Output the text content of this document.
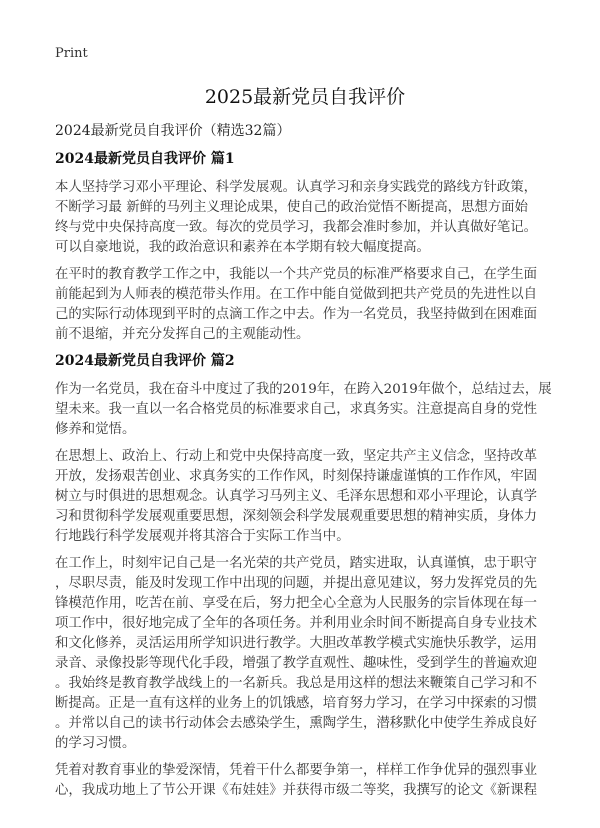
Print
2025最新党员自我评价
2024最新党员自我评价（精选32篇）
2024最新党员自我评价 篇1
本人坚持学习邓小平理论、科学发展观。认真学习和亲身实践党的路线方针政策，
不断学习最 新鲜的马列主义理论成果，使自己的政治觉悟不断提高，思想方面始
终与党中央保持高度一致。每次的党员学习，我都会准时参加，并认真做好笔记。
可以自豪地说，我的政治意识和素养在本学期有较大幅度提高。
在平时的教育教学工作之中，我能以一个共产党员的标准严格要求自己，在学生面
前能起到为人师表的模范带头作用。在工作中能自觉做到把共产党员的先进性以自
己的实际行动体现到平时的点滴工作之中去。作为一名党员，我坚持做到在困难面
前不退缩，并充分发挥自己的主观能动性。
2024最新党员自我评价 篇2
作为一名党员，我在奋斗中度过了我的2019年，在跨入2019年做个，总结过去，展
望未来。我一直以一名合格党员的标准要求自己，求真务实。注意提高自身的党性
修养和觉悟。
在思想上、政治上、行动上和党中央保持高度一致，坚定共产主义信念，坚持改革
开放，发扬艰苦创业、求真务实的工作作风，时刻保持谦虚谨慎的工作作风，牢固
树立与时俱进的思想观念。认真学习马列主义、毛泽东思想和邓小平理论，认真学
习和贯彻科学发展观重要思想，深刻领会科学发展观重要思想的精神实质，身体力
行地践行科学发展观并将其溶合于实际工作当中。
在工作上，时刻牢记自己是一名光荣的共产党员，踏实进取，认真谨慎，忠于职守
，尽职尽责，能及时发现工作中出现的问题，并提出意见建议，努力发挥党员的先
锋模范作用，吃苦在前、享受在后，努力把全心全意为人民服务的宗旨体现在每一
项工作中，很好地完成了全年的各项任务。并利用业余时间不断提高自身专业技术
和文化修养，灵活运用所学知识进行教学。大胆改革教学模式实施快乐教学，运用
录音、录像投影等现代化手段，增强了教学直观性、趣味性，受到学生的普遍欢迎
。我始终是教育教学战线上的一名新兵。我总是用这样的想法来鞭策自己学习和不
断提高。正是一直有这样的业务上的饥饿感，培育努力学习，在学习中探索的习惯
。并常以自己的读书行动体会去感染学生，熏陶学生，潜移默化中使学生养成良好
的学习习惯。
凭着对教育事业的挚爱深情，凭着干什么都要争第一，样样工作争优异的强烈事业
心，我成功地上了节公开课《布娃娃》并获得市级二等奖，我撰写的论文《新课程
